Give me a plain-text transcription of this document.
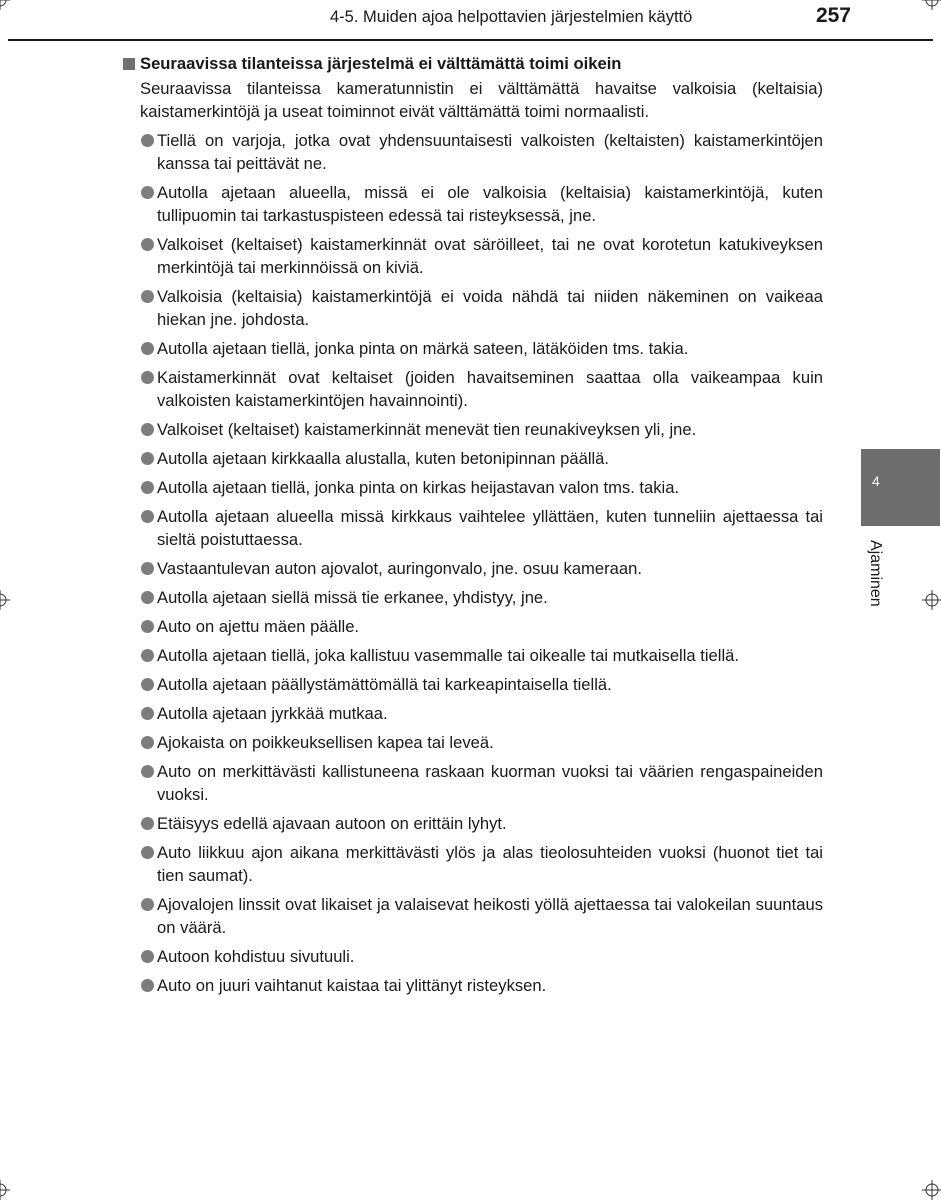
4-5. Muiden ajoa helpottavien järjestelmien käyttö	257
Seuraavissa tilanteissa järjestelmä ei välttämättä toimi oikein

Seuraavissa tilanteissa kameratunnistin ei välttämättä havaitse valkoisia (keltaisia) kaistamerkintöjä ja useat toiminnot eivät välttämättä toimi normaalisti.

Tiellä on varjoja, jotka ovat yhdensuuntaisesti valkoisten (keltaisten) kaistamerkintöjen kanssa tai peittävät ne.
Autolla ajetaan alueella, missä ei ole valkoisia (keltaisia) kaistamerkintöjä, kuten tullipuomin tai tarkastuspisteen edessä tai risteyksessä, jne.
Valkoiset (keltaiset) kaistamerkinnät ovat säröilleet, tai ne ovat korotetun katukiveyksen merkintöjä tai merkinnöissä on kiviä.
Valkoisia (keltaisia) kaistamerkintöjä ei voida nähdä tai niiden näkeminen on vaikeaa hiekan jne. johdosta.
Autolla ajetaan tiellä, jonka pinta on märkä sateen, lätäköiden tms. takia.
Kaistamerkinnät ovat keltaiset (joiden havaitseminen saattaa olla vaikeampaa kuin valkoisten kaistamerkintöjen havainnointi).
Valkoiset (keltaiset) kaistamerkinnät menevät tien reunakiveyksen yli, jne.
Autolla ajetaan kirkkaalla alustalla, kuten betonipinnan päällä.
Autolla ajetaan tiellä, jonka pinta on kirkas heijastavan valon tms. takia.
Autolla ajetaan alueella missä kirkkaus vaihtelee yllättäen, kuten tunneliin ajettaessa tai sieltä poistuttaessa.
Vastaantulevan auton ajovalot, auringonvalo, jne. osuu kameraan.
Autolla ajetaan siellä missä tie erkanee, yhdistyy, jne.
Auto on ajettu mäen päälle.
Autolla ajetaan tiellä, joka kallistuu vasemmalle tai oikealle tai mutkaisella tiellä.
Autolla ajetaan päällystämättömällä tai karkeapintaisella tiellä.
Autolla ajetaan jyrkkää mutkaa.
Ajokaista on poikkeuksellisen kapea tai leveä.
Auto on merkittävästi kallistuneena raskaan kuorman vuoksi tai väärien rengaspaineiden vuoksi.
Etäisyys edellä ajavaan autoon on erittäin lyhyt.
Auto liikkuu ajon aikana merkittävästi ylös ja alas tieolosuhteiden vuoksi (huonot tiet tai tien saumat).
Ajovalojen linssit ovat likaiset ja valaisevat heikosti yöllä ajettaessa tai valokeilan suuntaus on väärä.
Autoon kohdistuu sivutuuli.
Auto on juuri vaihtanut kaistaa tai ylittänyt risteyksen.
4
Ajaminen
